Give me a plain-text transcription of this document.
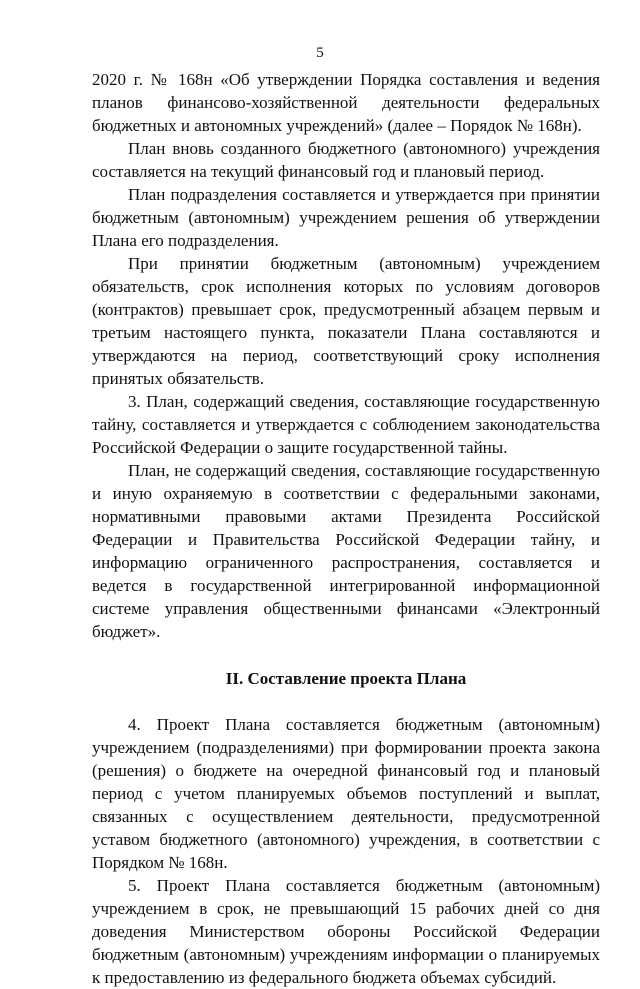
5

2020 г. № 168н «Об утверждении Порядка составления и ведения планов финансово-хозяйственной деятельности федеральных бюджетных и автономных учреждений» (далее – Порядок № 168н).

План вновь созданного бюджетного (автономного) учреждения составляется на текущий финансовый год и плановый период.

План подразделения составляется и утверждается при принятии бюджетным (автономным) учреждением решения об утверждении Плана его подразделения.

При принятии бюджетным (автономным) учреждением обязательств, срок исполнения которых по условиям договоров (контрактов) превышает срок, предусмотренный абзацем первым и третьим настоящего пункта, показатели Плана составляются и утверждаются на период, соответствующий сроку исполнения принятых обязательств.

3. План, содержащий сведения, составляющие государственную тайну, составляется и утверждается с соблюдением законодательства Российской Федерации о защите государственной тайны.

План, не содержащий сведения, составляющие государственную и иную охраняемую в соответствии с федеральными законами, нормативными правовыми актами Президента Российской Федерации и Правительства Российской Федерации тайну, и информацию ограниченного распространения, составляется и ведется в государственной интегрированной информационной системе управления общественными финансами «Электронный бюджет».

II. Составление проекта Плана

4. Проект Плана составляется бюджетным (автономным) учреждением (подразделениями) при формировании проекта закона (решения) о бюджете на очередной финансовый год и плановый период с учетом планируемых объемов поступлений и выплат, связанных с осуществлением деятельности, предусмотренной уставом бюджетного (автономного) учреждения, в соответствии с Порядком № 168н.

5. Проект Плана составляется бюджетным (автономным) учреждением в срок, не превышающий 15 рабочих дней со дня доведения Министерством обороны Российской Федерации бюджетным (автономным) учреждениям информации о планируемых к предоставлению из федерального бюджета объемах субсидий.
